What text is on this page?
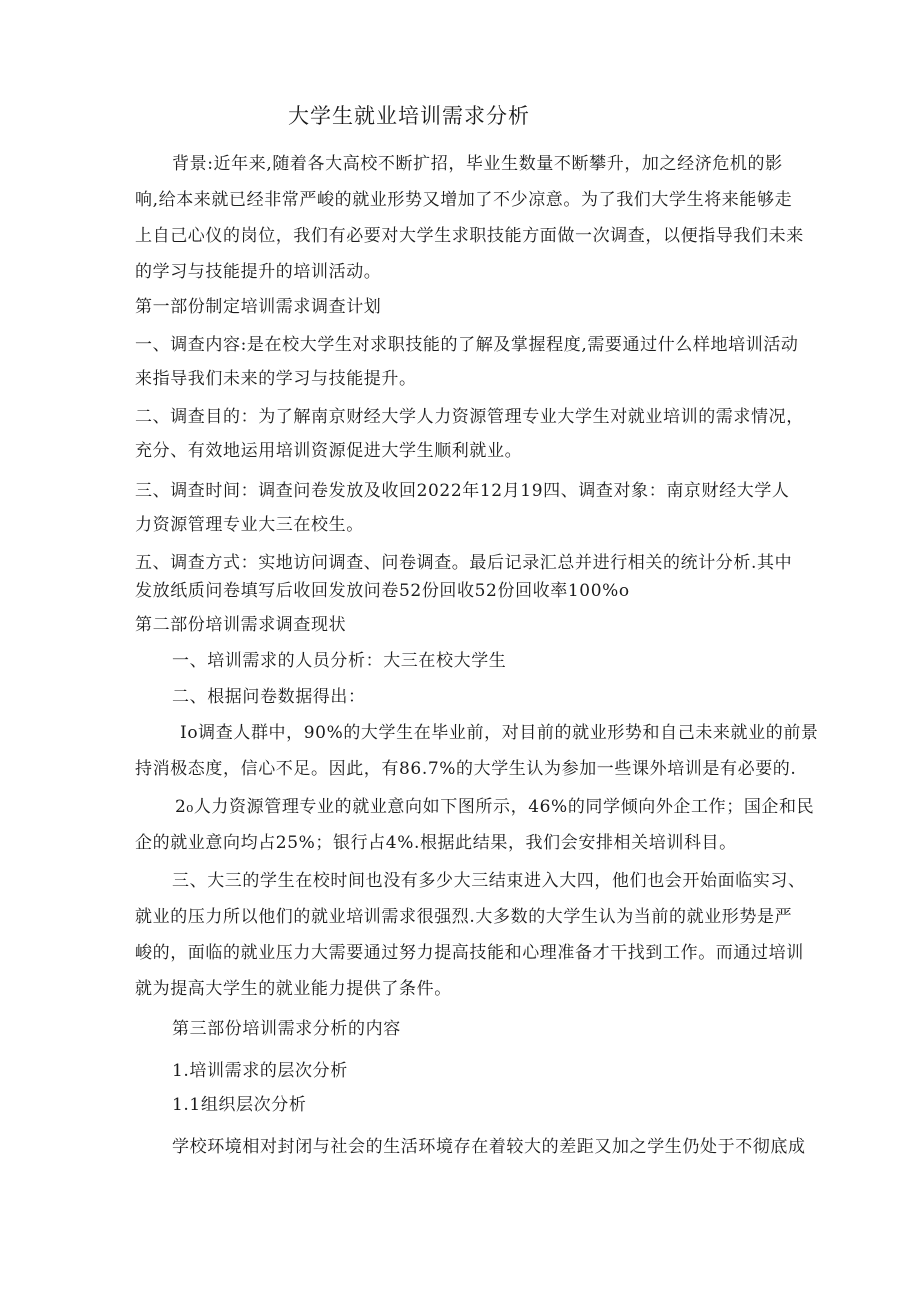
大学生就业培训需求分析
背景:近年来,随着各大高校不断扩招，毕业生数量不断攀升，加之经济危机的影
响,给本来就已经非常严峻的就业形势又增加了不少凉意。为了我们大学生将来能够走
上自己心仪的岗位，我们有必要对大学生求职技能方面做一次调查，以便指导我们未来
的学习与技能提升的培训活动。
第一部份制定培训需求调查计划
一、调查内容:是在校大学生对求职技能的了解及掌握程度,需要通过什么样地培训活动
来指导我们未来的学习与技能提升。
二、调查目的：为了解南京财经大学人力资源管理专业大学生对就业培训的需求情况，
充分、有效地运用培训资源促进大学生顺利就业。
三、调查时间：调查问卷发放及收回2022年12月19四、调查对象：南京财经大学人
力资源管理专业大三在校生。
五、调查方式：实地访问调查、问卷调查。最后记录汇总并进行相关的统计分析.其中
发放纸质问卷填写后收回发放问卷52份回收52份回收率100%o
第二部份培训需求调查现状
一、培训需求的人员分析：大三在校大学生
二、根据问卷数据得出：
Io调查人群中，90%的大学生在毕业前，对目前的就业形势和自己未来就业的前景
持消极态度，信心不足。因此，有86.7%的大学生认为参加一些课外培训是有必要的.
2₀人力资源管理专业的就业意向如下图所示，46%的同学倾向外企工作；国企和民
企的就业意向均占25%；银行占4%.根据此结果，我们会安排相关培训科目。
三、大三的学生在校时间也没有多少大三结束进入大四，他们也会开始面临实习、
就业的压力所以他们的就业培训需求很强烈.大多数的大学生认为当前的就业形势是严
峻的，面临的就业压力大需要通过努力提高技能和心理准备才干找到工作。而通过培训
就为提高大学生的就业能力提供了条件。
第三部份培训需求分析的内容
1.培训需求的层次分析
1.1组织层次分析
学校环境相对封闭与社会的生活环境存在着较大的差距又加之学生仍处于不彻底成
